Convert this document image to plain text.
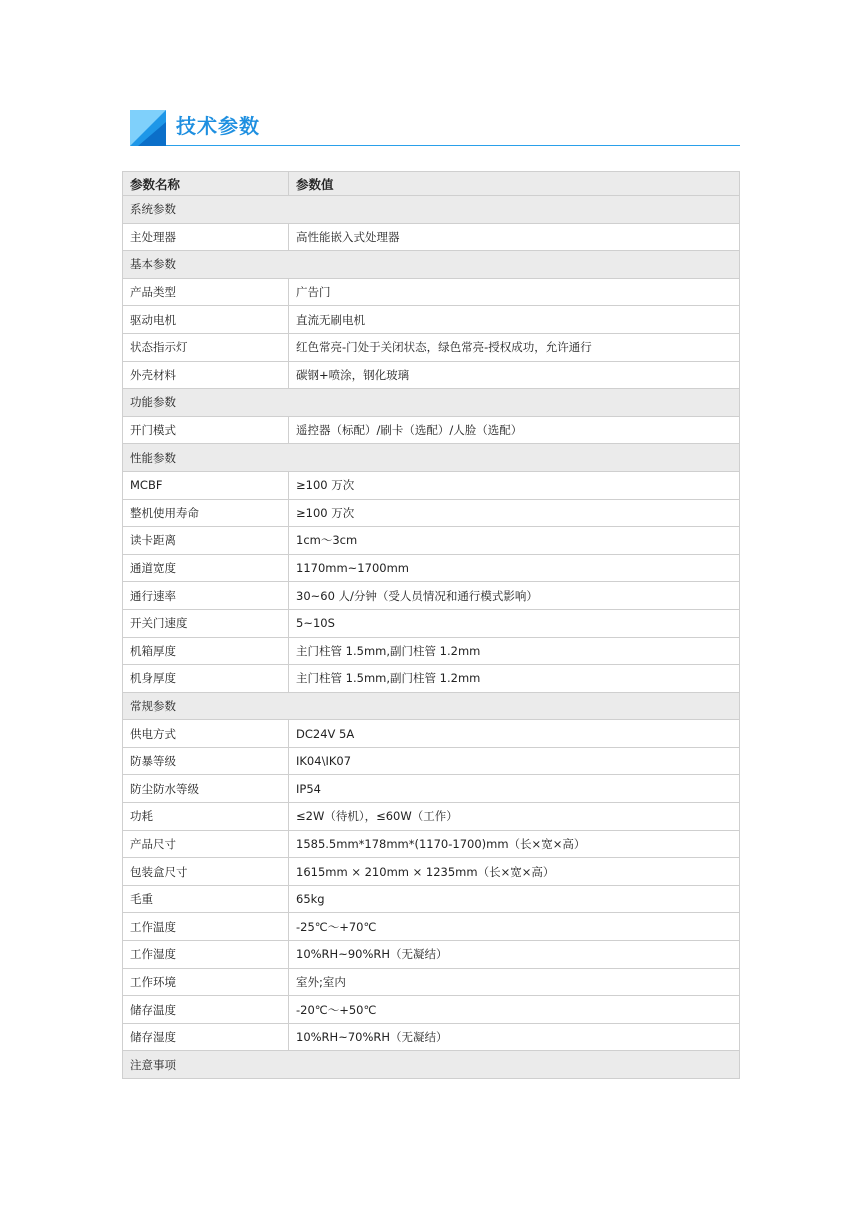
技术参数
参数名称	参数值
系统参数	
主处理器	高性能嵌入式处理器
基本参数	
产品类型	广告门
驱动电机	直流无刷电机
状态指示灯	红色常亮-门处于关闭状态，绿色常亮-授权成功，允许通行
外壳材料	碳钢+喷涂，钢化玻璃
功能参数	
开门模式	遥控器（标配）/刷卡（选配）/人脸（选配）
性能参数	
MCBF	≥100 万次
整机使用寿命	≥100 万次
读卡距离	1cm～3cm
通道宽度	1170mm~1700mm
通行速率	30~60 人/分钟（受人员情况和通行模式影响）
开关门速度	5~10S
机箱厚度	主门柱管 1.5mm,副门柱管 1.2mm
机身厚度	主门柱管 1.5mm,副门柱管 1.2mm
常规参数	
供电方式	DC24V 5A
防暴等级	IK04\IK07
防尘防水等级	IP54
功耗	≤2W（待机），≤60W（工作）
产品尺寸	1585.5mm*178mm*(1170-1700)mm（长×宽×高）
包装盒尺寸	1615mm × 210mm × 1235mm（长×宽×高）
毛重	65kg
工作温度	-25℃～+70℃
工作湿度	10%RH~90%RH（无凝结）
工作环境	室外;室内
储存温度	-20℃～+50℃
储存湿度	10%RH~70%RH（无凝结）
注意事项	
